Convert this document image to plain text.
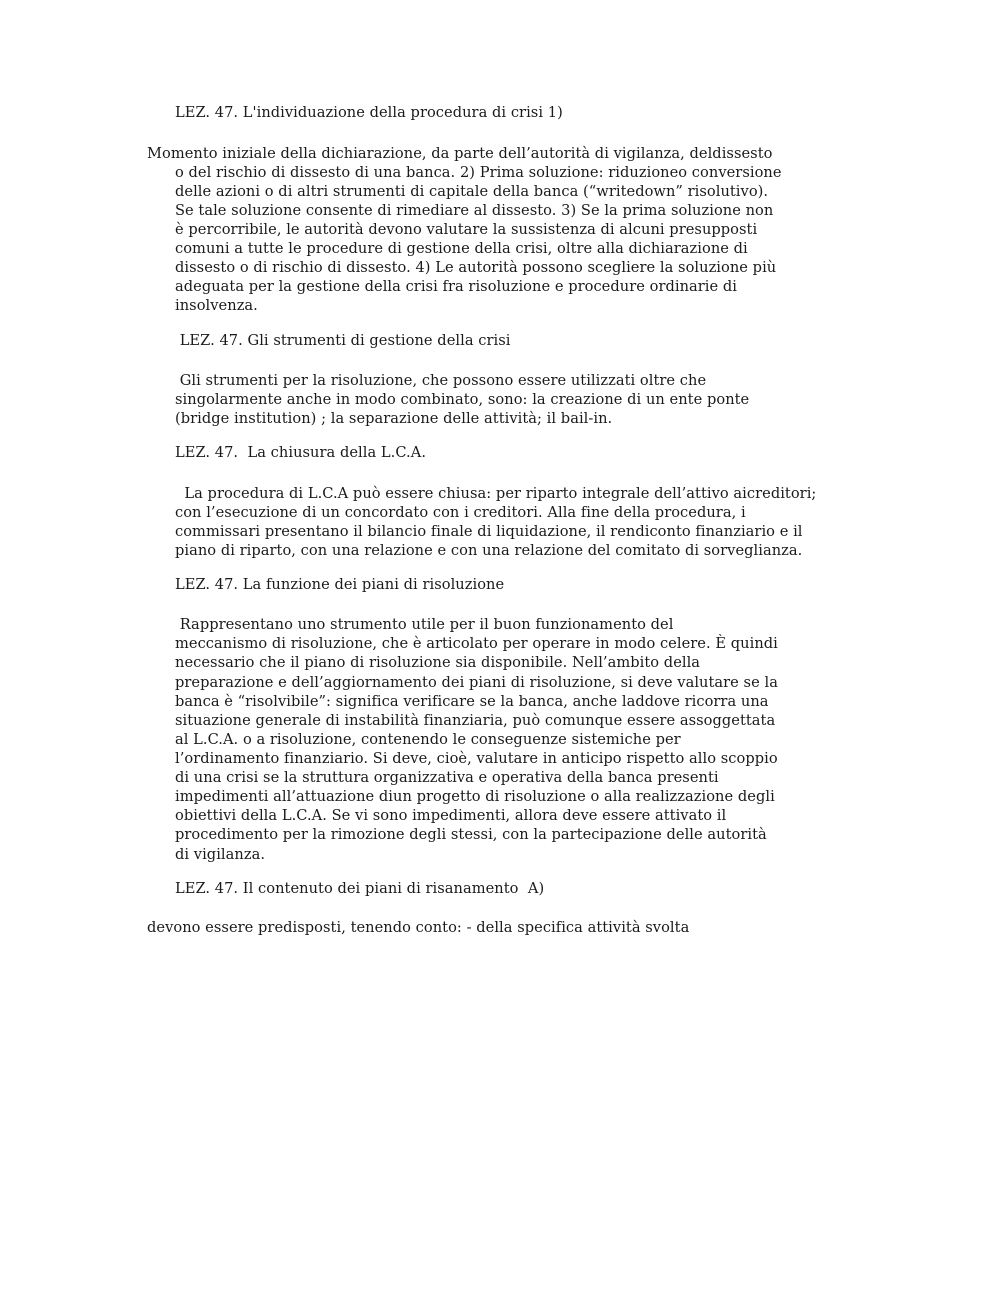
LEZ. 47. L'individuazione della procedura di crisi 1)
Momento iniziale della dichiarazione, da parte dell’autorità di vigilanza, deldissesto
o del rischio di dissesto di una banca. 2) Prima soluzione: riduzioneo conversione
delle azioni o di altri strumenti di capitale della banca (“writedown” risolutivo).
Se tale soluzione consente di rimediare al dissesto. 3) Se la prima soluzione non
è percorribile, le autorità devono valutare la sussistenza di alcuni presupposti
comuni a tutte le procedure di gestione della crisi, oltre alla dichiarazione di
dissesto o di rischio di dissesto. 4) Le autorità possono scegliere la soluzione più
adeguata per la gestione della crisi fra risoluzione e procedure ordinarie di
insolvenza.
LEZ. 47. Gli strumenti di gestione della crisi
Gli strumenti per la risoluzione, che possono essere utilizzati oltre che
singolarmente anche in modo combinato, sono: la creazione di un ente ponte
(bridge institution) ; la separazione delle attività; il bail-in.
LEZ. 47.  La chiusura della L.C.A.
La procedura di L.C.A può essere chiusa: per riparto integrale dell’attivo aicreditori;
con l’esecuzione di un concordato con i creditori. Alla fine della procedura, i
commissari presentano il bilancio finale di liquidazione, il rendiconto finanziario e il
piano di riparto, con una relazione e con una relazione del comitato di sorveglianza.
LEZ. 47. La funzione dei piani di risoluzione
Rappresentano uno strumento utile per il buon funzionamento del
meccanismo di risoluzione, che è articolato per operare in modo celere. È quindi
necessario che il piano di risoluzione sia disponibile. Nell’ambito della
preparazione e dell’aggiornamento dei piani di risoluzione, si deve valutare se la
banca è “risolvibile”: significa verificare se la banca, anche laddove ricorra una
situazione generale di instabilità finanziaria, può comunque essere assoggettata
al L.C.A. o a risoluzione, contenendo le conseguenze sistemiche per
l’ordinamento finanziario. Si deve, cioè, valutare in anticipo rispetto allo scoppio
di una crisi se la struttura organizzativa e operativa della banca presenti
impedimenti all’attuazione diun progetto di risoluzione o alla realizzazione degli
obiettivi della L.C.A. Se vi sono impedimenti, allora deve essere attivato il
procedimento per la rimozione degli stessi, con la partecipazione delle autorità
di vigilanza.
LEZ. 47. Il contenuto dei piani di risanamento  A)
devono essere predisposti, tenendo conto: - della specifica attività svolta
